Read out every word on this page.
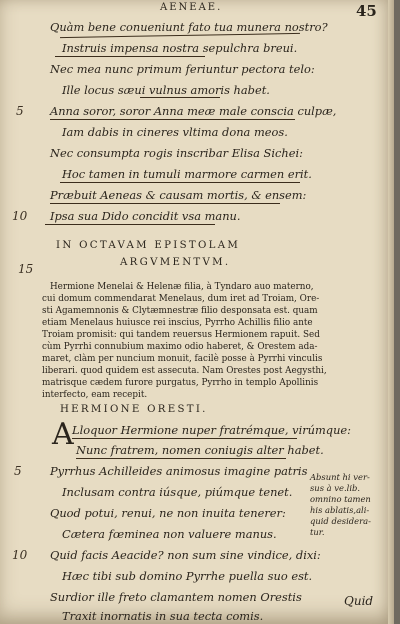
AENEAE.	45
Quàm bene conueniunt fato tua munera nostro?
Instruis impensa nostra sepulchra breui.
Nec mea nunc primum feriuntur pectora telo:
Ille locus sæui vulnus amoris habet.
Anna soror, soror Anna meæ male conscia culpæ,
Iam dabis in cineres vltima dona meos.
Nec consumpta rogis inscribar Elisa Sichei:
Hoc tamen in tumuli marmore carmen erit.
Præbuit Aeneas & causam mortis, & ensem:
Ipsa sua Dido concidit vsa manu.
5
10
IN OCTAVAM EPISTOLAM
ARGVMENTVM.
Hermione Menelai & Helenæ filia, à Tyndaro auo materno,
cui domum commendarat Menelaus, dum iret ad Troiam, Ore-
sti Agamemnonis & Clytæmnestræ filio desponsata est. quam
etiam Menelaus huiusce rei inscius, Pyrrho Achillis filio ante
Troiam promisit: qui tandem reuersus Hermionem rapuit. Sed
cùm Pyrrhi connubium maximo odio haberet, & Orestem ada-
maret, clàm per nuncium monuit, facilè posse à Pyrrhi vinculis
liberari. quod quidem est assecuta. Nam Orestes post Aegysthi,
matrisque cædem furore purgatus, Pyrrho in templo Apollinis
interfecto, eam recepit.
15
HERMIONE ORESTI.
A
Lloquor Hermione nuper fratrémque, virúmque:
Nunc fratrem, nomen coniugis alter habet.
Pyrrhus Achilleides animosus imagine patris
Inclusam contra iúsque, piúmque tenet.
Quod potui, renui, ne non inuita tenerer:
Cætera fœminea non valuere manus.
Quid facis Aeacide? non sum sine vindice, dixi:
Hæc tibi sub domino Pyrrhe puella suo est.
Surdior ille freto clamantem nomen Orestis
Traxit inornatis in sua tecta comis.
5
10
Absunt hi ver-
sus à ve.lib.
omnino tamen
his ablatis,ali-
quid desidera-
tur.
Quid
